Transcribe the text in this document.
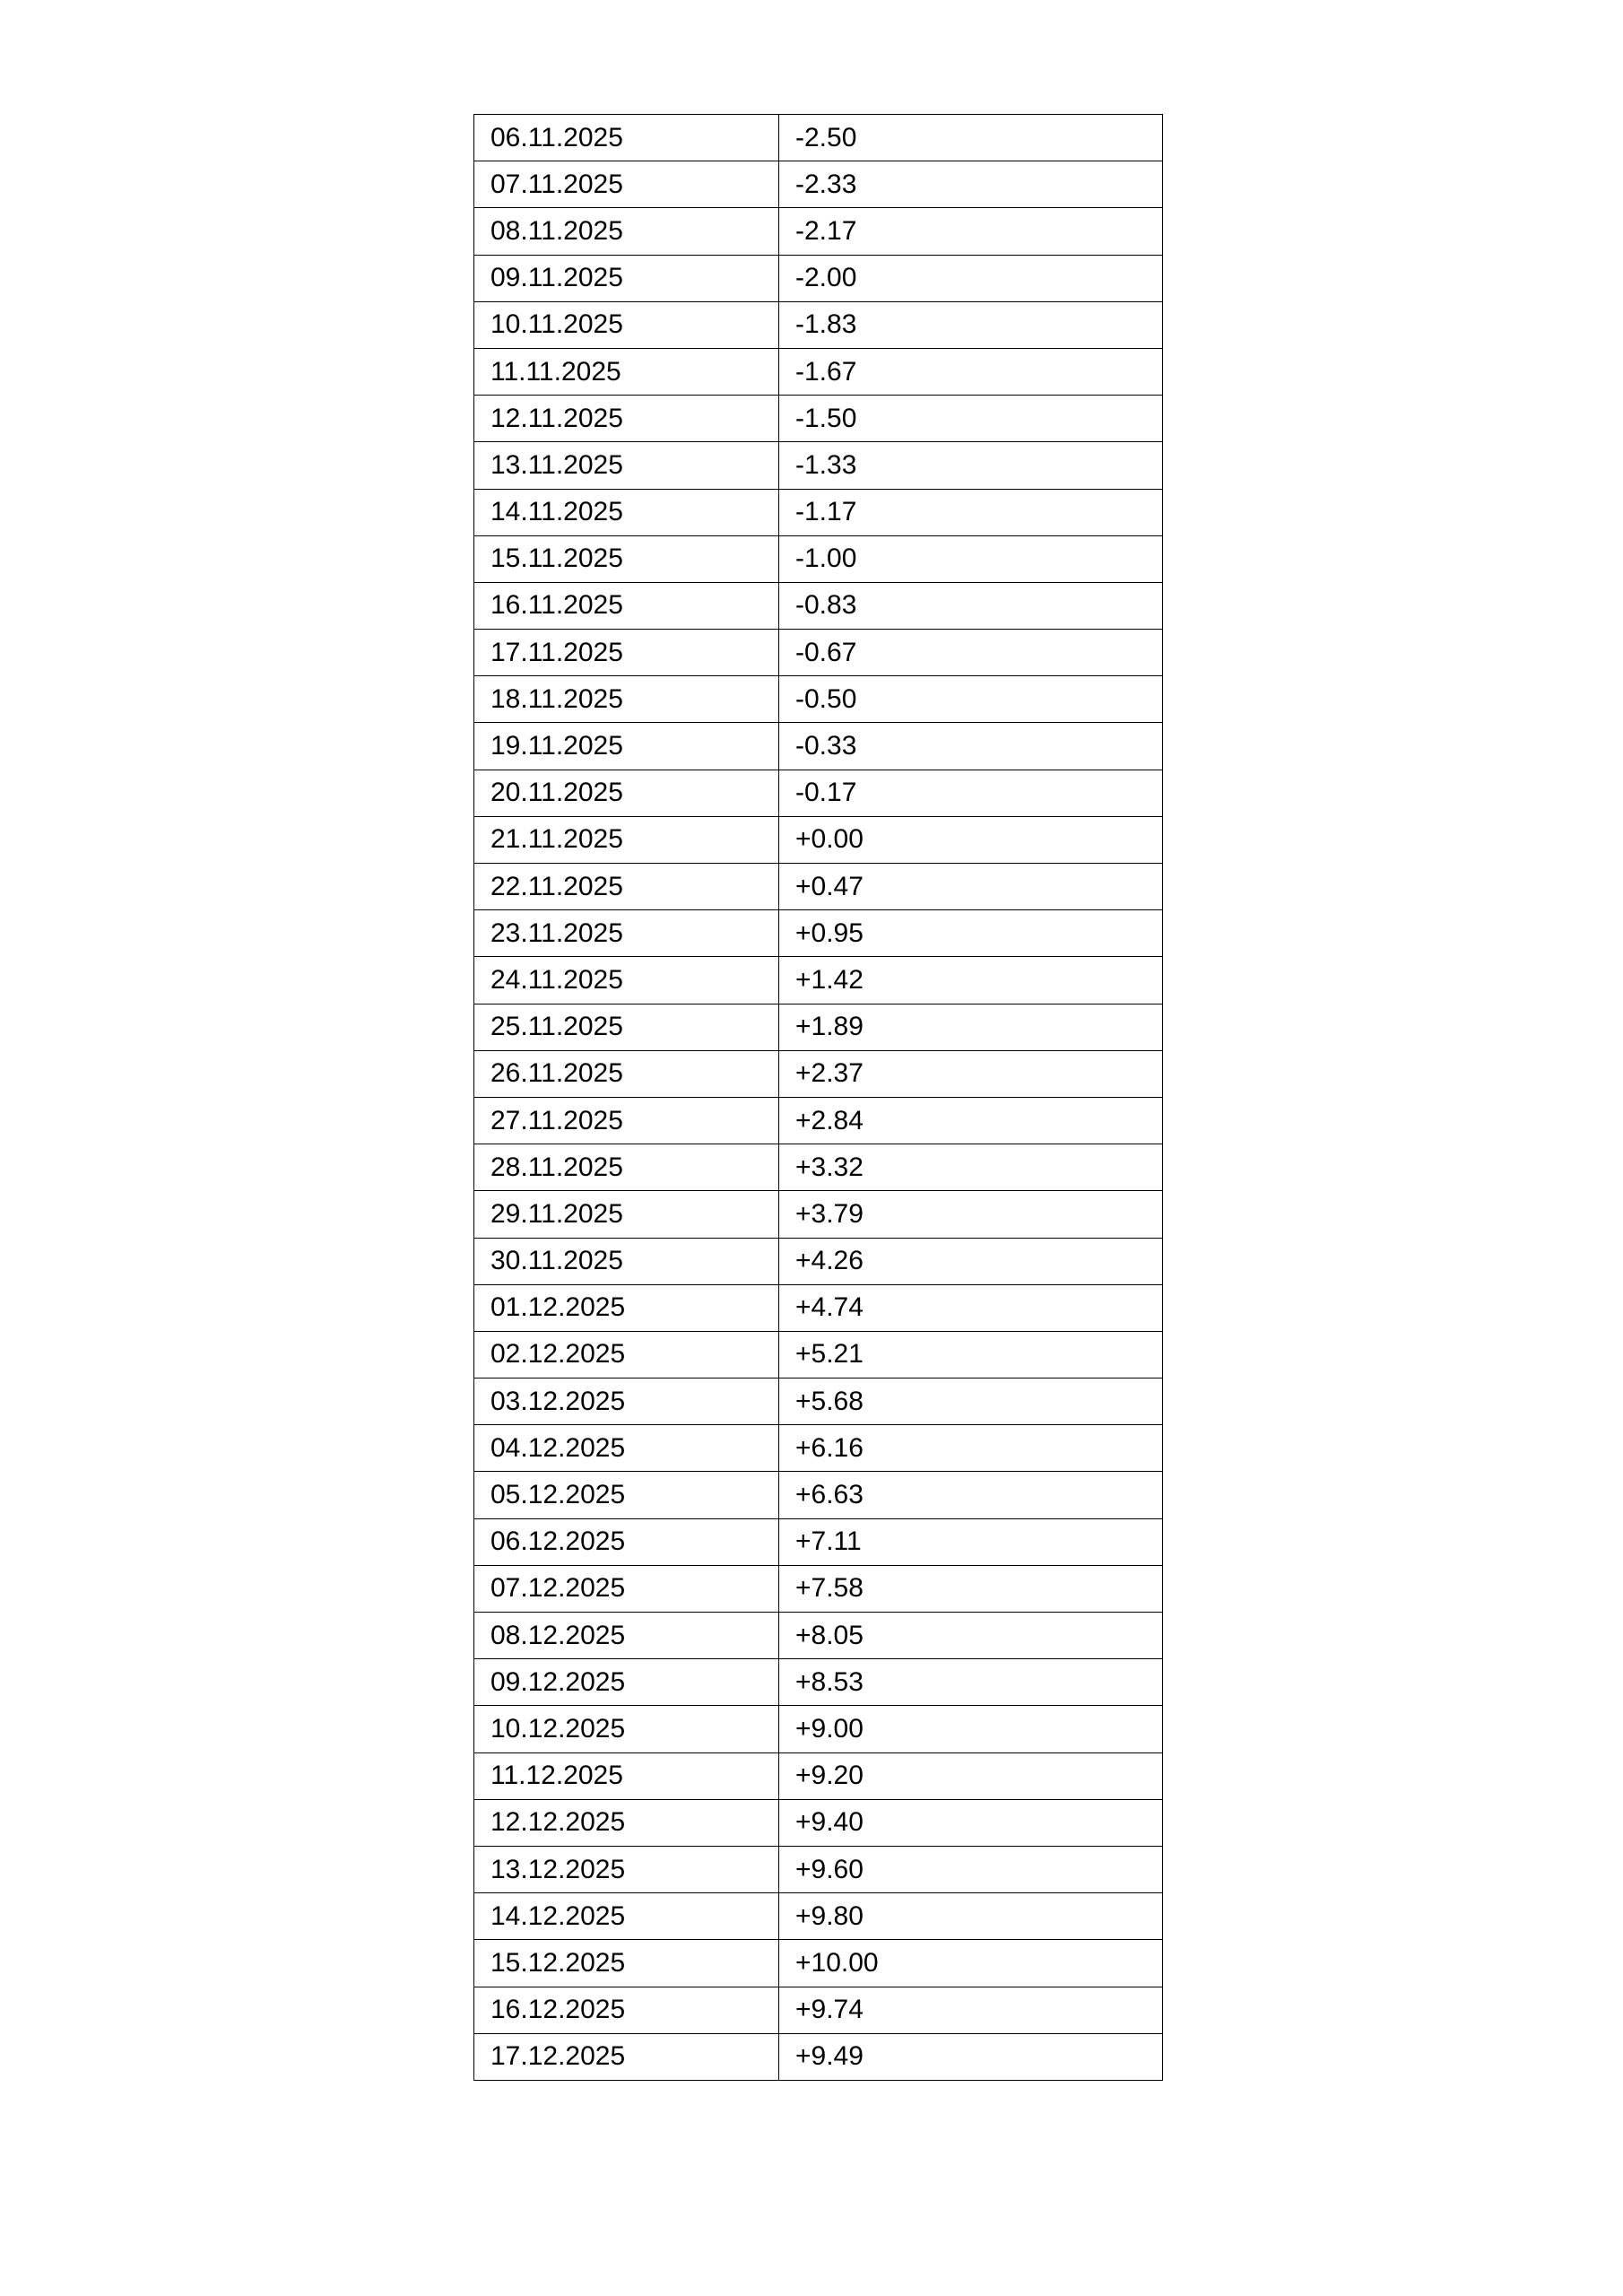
06.11.2025	-2.50
07.11.2025	-2.33
08.11.2025	-2.17
09.11.2025	-2.00
10.11.2025	-1.83
11.11.2025	-1.67
12.11.2025	-1.50
13.11.2025	-1.33
14.11.2025	-1.17
15.11.2025	-1.00
16.11.2025	-0.83
17.11.2025	-0.67
18.11.2025	-0.50
19.11.2025	-0.33
20.11.2025	-0.17
21.11.2025	+0.00
22.11.2025	+0.47
23.11.2025	+0.95
24.11.2025	+1.42
25.11.2025	+1.89
26.11.2025	+2.37
27.11.2025	+2.84
28.11.2025	+3.32
29.11.2025	+3.79
30.11.2025	+4.26
01.12.2025	+4.74
02.12.2025	+5.21
03.12.2025	+5.68
04.12.2025	+6.16
05.12.2025	+6.63
06.12.2025	+7.11
07.12.2025	+7.58
08.12.2025	+8.05
09.12.2025	+8.53
10.12.2025	+9.00
11.12.2025	+9.20
12.12.2025	+9.40
13.12.2025	+9.60
14.12.2025	+9.80
15.12.2025	+10.00
16.12.2025	+9.74
17.12.2025	+9.49
